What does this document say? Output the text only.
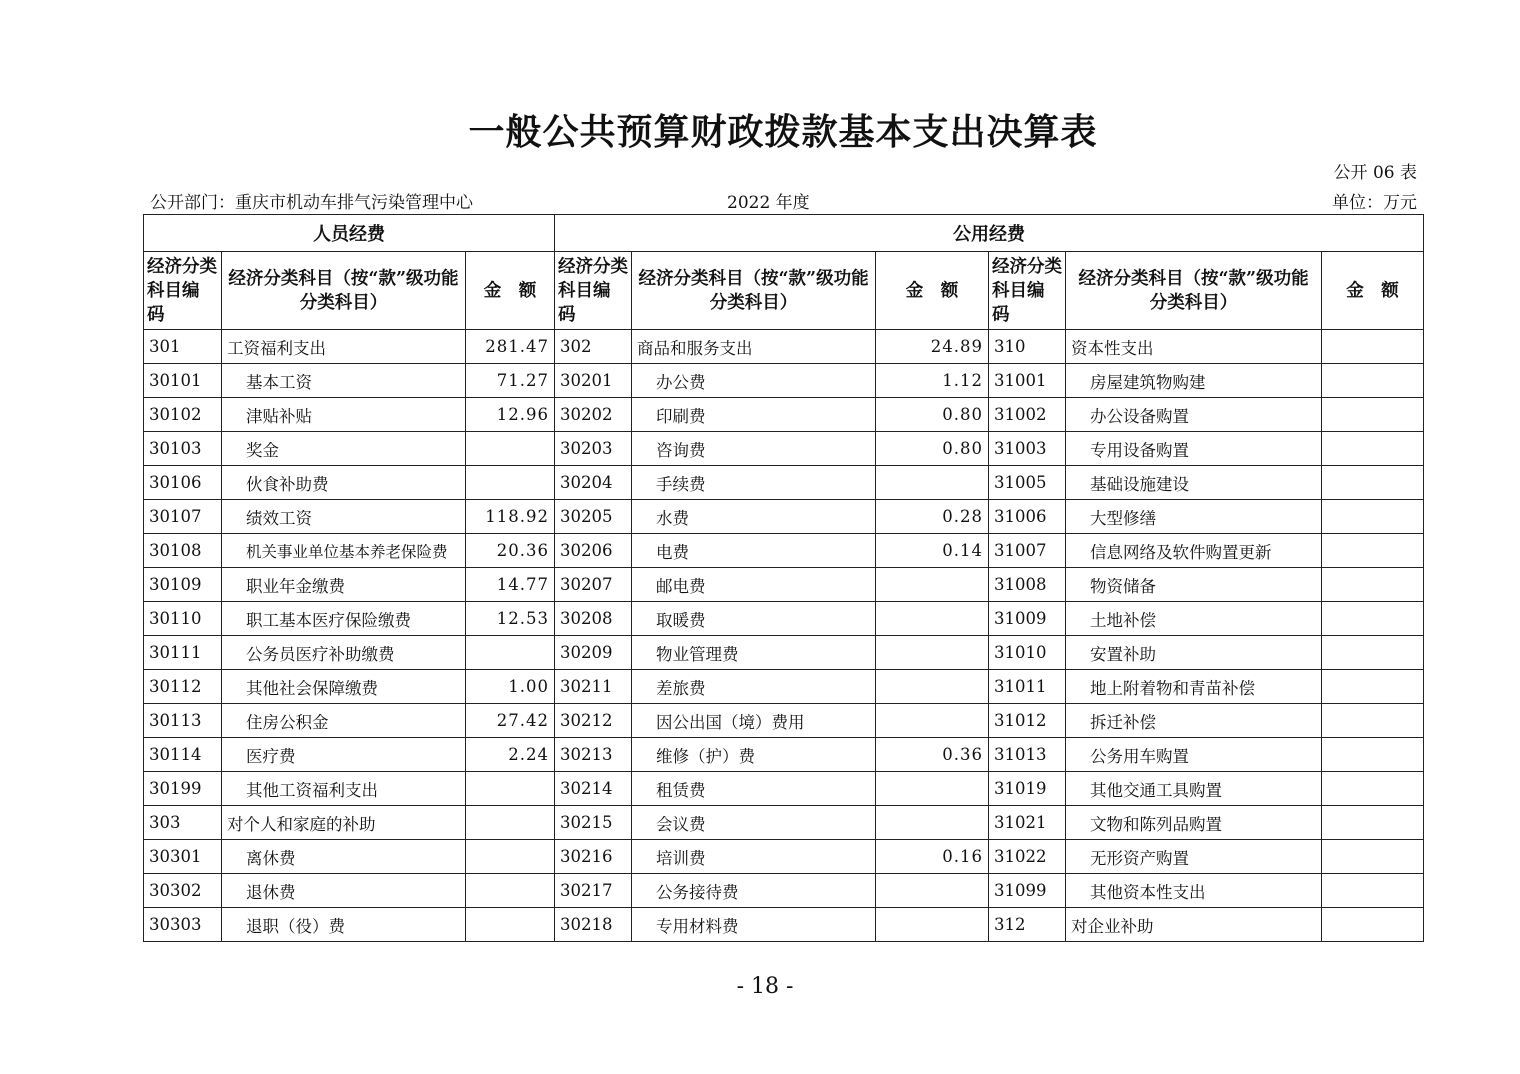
一般公共预算财政拨款基本支出决算表
公开 06 表
公开部门：重庆市机动车排气污染管理中心	2022 年度	单位：万元
人员经费			公用经费					
经济分类科目编　码	经济分类科目（按“款”级功能分类科目）	金　额	经济分类科目编　码	经济分类科目（按“款”级功能分类科目）	金　额	经济分类科目编　码	经济分类科目（按“款”级功能分类科目）	金　额
301	工资福利支出	281.47	302	商品和服务支出	24.89	310	资本性支出	
30101	基本工资	71.27	30201	办公费	1.12	31001	房屋建筑物购建	
30102	津贴补贴	12.96	30202	印刷费	0.80	31002	办公设备购置	
30103	奖金		30203	咨询费	0.80	31003	专用设备购置	
30106	伙食补助费		30204	手续费		31005	基础设施建设	
30107	绩效工资	118.92	30205	水费	0.28	31006	大型修缮	
30108	机关事业单位基本养老保险费	20.36	30206	电费	0.14	31007	信息网络及软件购置更新	
30109	职业年金缴费	14.77	30207	邮电费		31008	物资储备	
30110	职工基本医疗保险缴费	12.53	30208	取暖费		31009	土地补偿	
30111	公务员医疗补助缴费		30209	物业管理费		31010	安置补助	
30112	其他社会保障缴费	1.00	30211	差旅费		31011	地上附着物和青苗补偿	
30113	住房公积金	27.42	30212	因公出国（境）费用		31012	拆迁补偿	
30114	医疗费	2.24	30213	维修（护）费	0.36	31013	公务用车购置	
30199	其他工资福利支出		30214	租赁费		31019	其他交通工具购置	
303	对个人和家庭的补助		30215	会议费		31021	文物和陈列品购置	
30301	离休费		30216	培训费	0.16	31022	无形资产购置	
30302	退休费		30217	公务接待费		31099	其他资本性支出	
30303	退职（役）费		30218	专用材料费		312	对企业补助	
- 18 -
